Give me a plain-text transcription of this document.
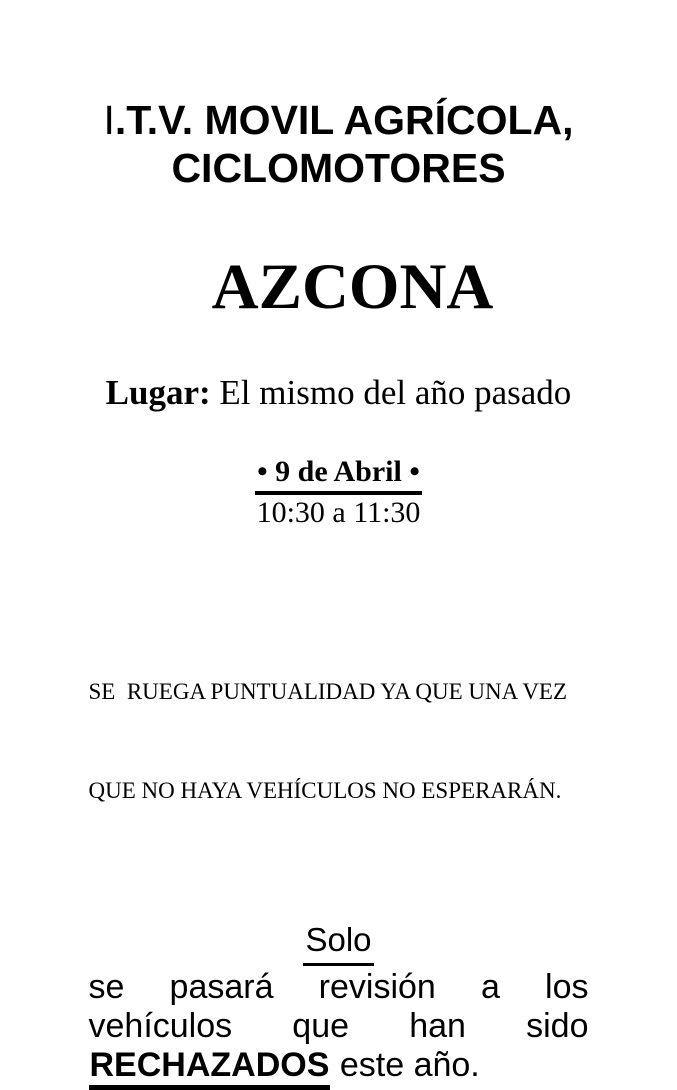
I.T.V. MOVIL AGRÍCOLA,
CICLOMOTORES
AZCONA
Lugar: El mismo del año pasado
• 9 de Abril •
10:30 a 11:30

SE  RUEGA PUNTUALIDAD YA QUE UNA VEZ

QUE NO HAYA VEHÍCULOS NO ESPERARÁN.

Solo
se pasará revisión a los
vehículos que han sido
RECHAZADOS este año.
